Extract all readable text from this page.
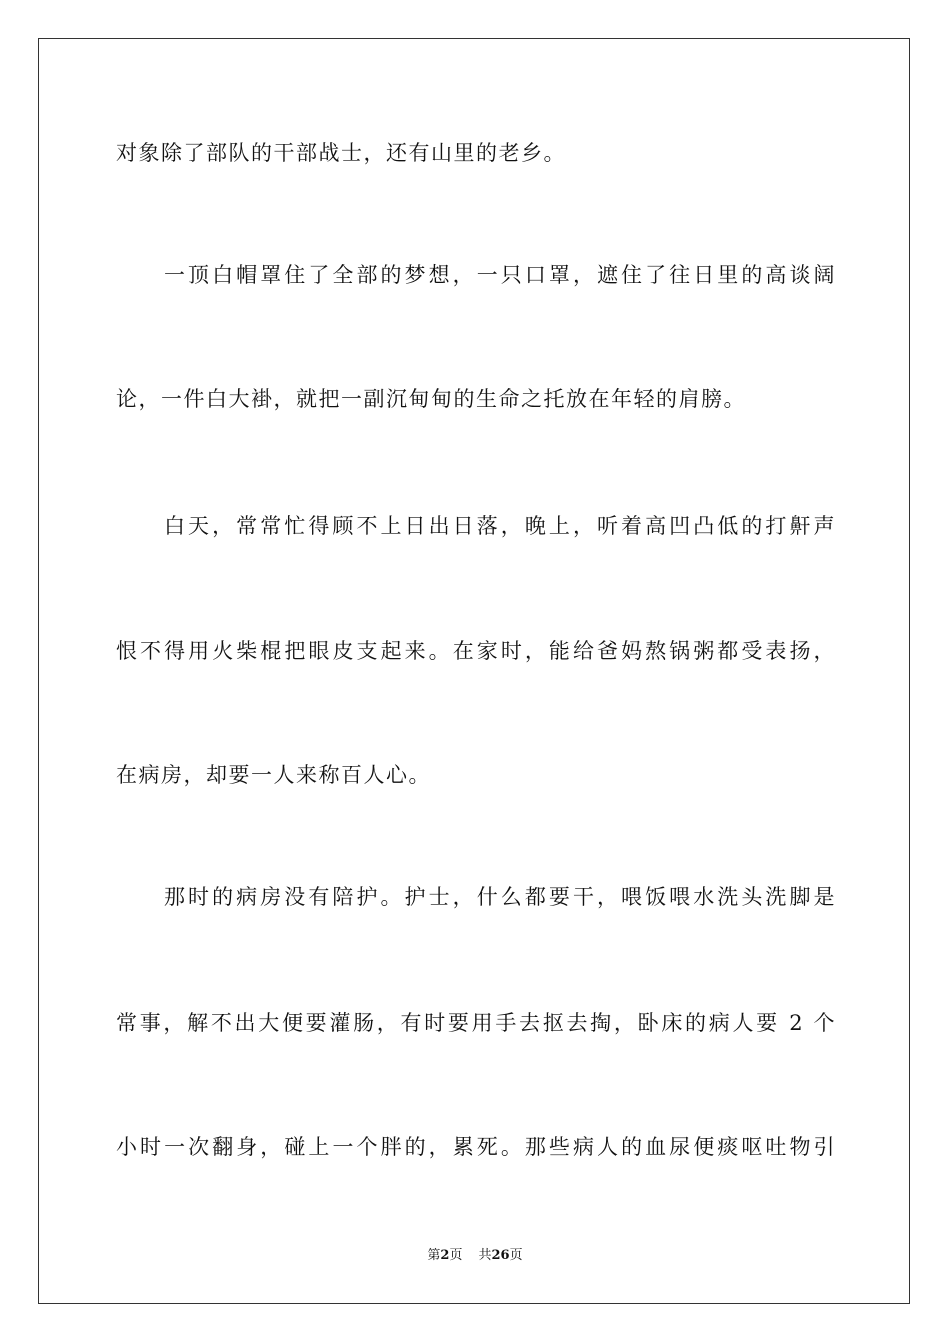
对象除了部队的干部战士，还有山里的老乡。
一顶白帽罩住了全部的梦想，一只口罩，遮住了往日里的高谈阔
论，一件白大褂，就把一副沉甸甸的生命之托放在年轻的肩膀。
白天，常常忙得顾不上日出日落，晚上，听着高凹凸低的打鼾声
恨不得用火柴棍把眼皮支起来。在家时，能给爸妈熬锅粥都受表扬，
在病房，却要一人来称百人心。
那时的病房没有陪护。护士，什么都要干，喂饭喂水洗头洗脚是
常事，解不出大便要灌肠，有时要用手去抠去掏，卧床的病人要 2 个
小时一次翻身，碰上一个胖的，累死。那些病人的血尿便痰呕吐物引
第2页 共26页
